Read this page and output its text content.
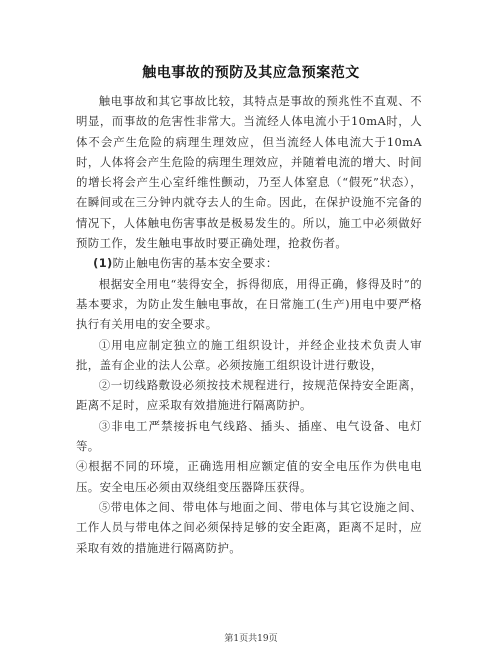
触电事故的预防及其应急预案范文

触电事故和其它事故比较，其特点是事故的预兆性不直观、不明显，而事故的危害性非常大。当流经人体电流小于10mA时，人体不会产生危险的病理生理效应，但当流经人体电流大于10mA时，人体将会产生危险的病理生理效应，并随着电流的增大、时间的增长将会产生心室纤维性颤动，乃至人体窒息（“假死”状态），在瞬间或在三分钟内就夺去人的生命。因此，在保护设施不完备的情况下，人体触电伤害事故是极易发生的。所以，施工中必须做好预防工作，发生触电事故时要正确处理，抢救伤者。

(1)防止触电伤害的基本安全要求：

根据安全用电“装得安全，拆得彻底，用得正确，修得及时”的基本要求，为防止发生触电事故，在日常施工(生产)用电中要严格执行有关用电的安全要求。

①用电应制定独立的施工组织设计，并经企业技术负责人审批，盖有企业的法人公章。必须按施工组织设计进行敷设，

②一切线路敷设必须按技术规程进行，按规范保持安全距离，距离不足时，应采取有效措施进行隔离防护。

③非电工严禁接拆电气线路、插头、插座、电气设备、电灯等。

④根据不同的环境，正确选用相应额定值的安全电压作为供电电压。安全电压必须由双绕组变压器降压获得。

⑤带电体之间、带电体与地面之间、带电体与其它设施之间、工作人员与带电体之间必须保持足够的安全距离，距离不足时，应采取有效的措施进行隔离防护。

第1页共19页
